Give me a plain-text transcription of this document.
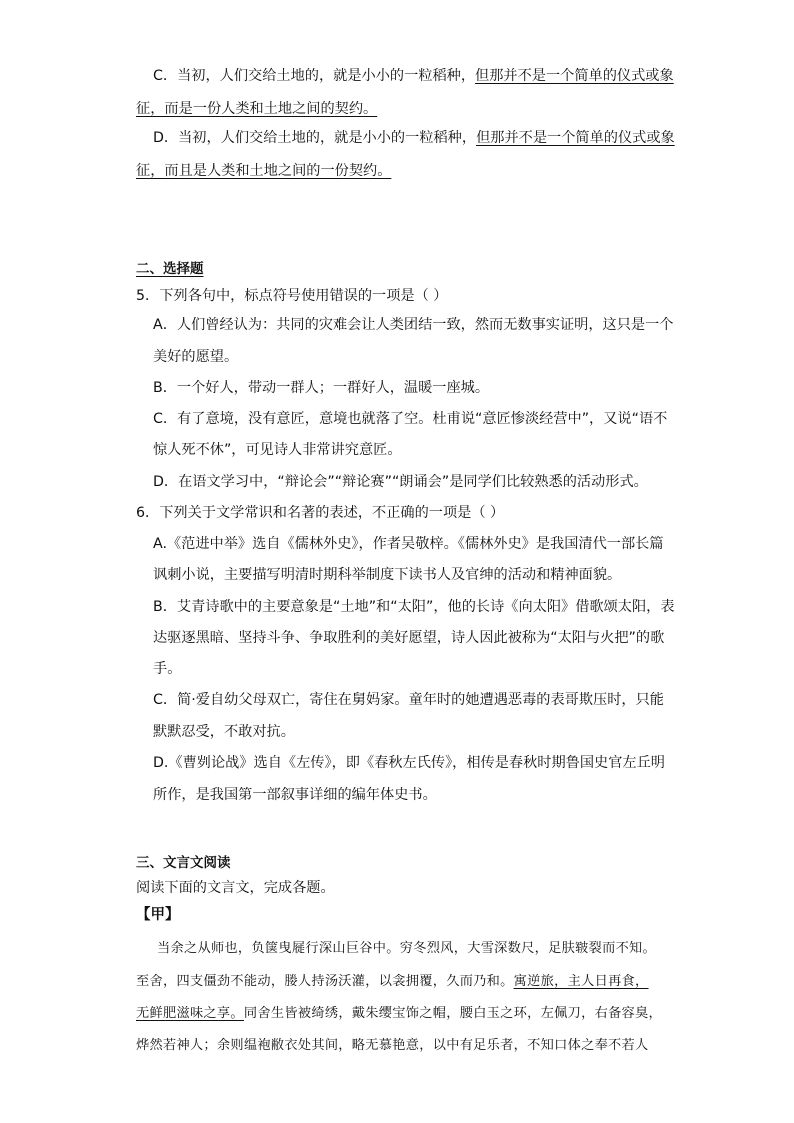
C．当初，人们交给土地的，就是小小的一粒稻种，但那并不是一个简单的仪式或象
征，而是一份人类和土地之间的契约。
D．当初，人们交给土地的，就是小小的一粒稻种，但那并不是一个简单的仪式或象
征，而且是人类和土地之间的一份契约。
二、选择题
5．下列各句中，标点符号使用错误的一项是（ ）
A．人们曾经认为：共同的灾难会让人类团结一致，然而无数事实证明，这只是一个
美好的愿望。
B．一个好人，带动一群人；一群好人，温暖一座城。
C．有了意境，没有意匠，意境也就落了空。杜甫说“意匠惨淡经营中”，又说“语不
惊人死不休”，可见诗人非常讲究意匠。
D．在语文学习中，“辩论会”“辩论赛”“朗诵会”是同学们比较熟悉的活动形式。
6．下列关于文学常识和名著的表述，不正确的一项是（ ）
A.《范进中举》选自《儒林外史》，作者吴敬梓。《儒林外史》是我国清代一部长篇
讽刺小说，主要描写明清时期科举制度下读书人及官绅的活动和精神面貌。
B．艾青诗歌中的主要意象是“土地”和“太阳”，他的长诗《向太阳》借歌颂太阳，表
达驱逐黑暗、坚持斗争、争取胜利的美好愿望，诗人因此被称为“太阳与火把”的歌
手。
C．简·爱自幼父母双亡，寄住在舅妈家。童年时的她遭遇恶毒的表哥欺压时，只能
默默忍受，不敢对抗。
D.《曹刿论战》选自《左传》，即《春秋左氏传》，相传是春秋时期鲁国史官左丘明
所作，是我国第一部叙事详细的编年体史书。
三、文言文阅读
阅读下面的文言文，完成各题。
【甲】
当余之从师也，负箧曳屣行深山巨谷中。穷冬烈风，大雪深数尺，足肤皲裂而不知。
至舍，四支僵劲不能动，媵人持汤沃灌，以衾拥覆，久而乃和。寓逆旅，主人日再食，
无鲜肥滋味之享。同舍生皆被绮绣，戴朱缨宝饰之帽，腰白玉之环，左佩刀，右备容臭，
烨然若神人；余则缊袍敝衣处其间，略无慕艳意，以中有足乐者，不知口体之奉不若人
